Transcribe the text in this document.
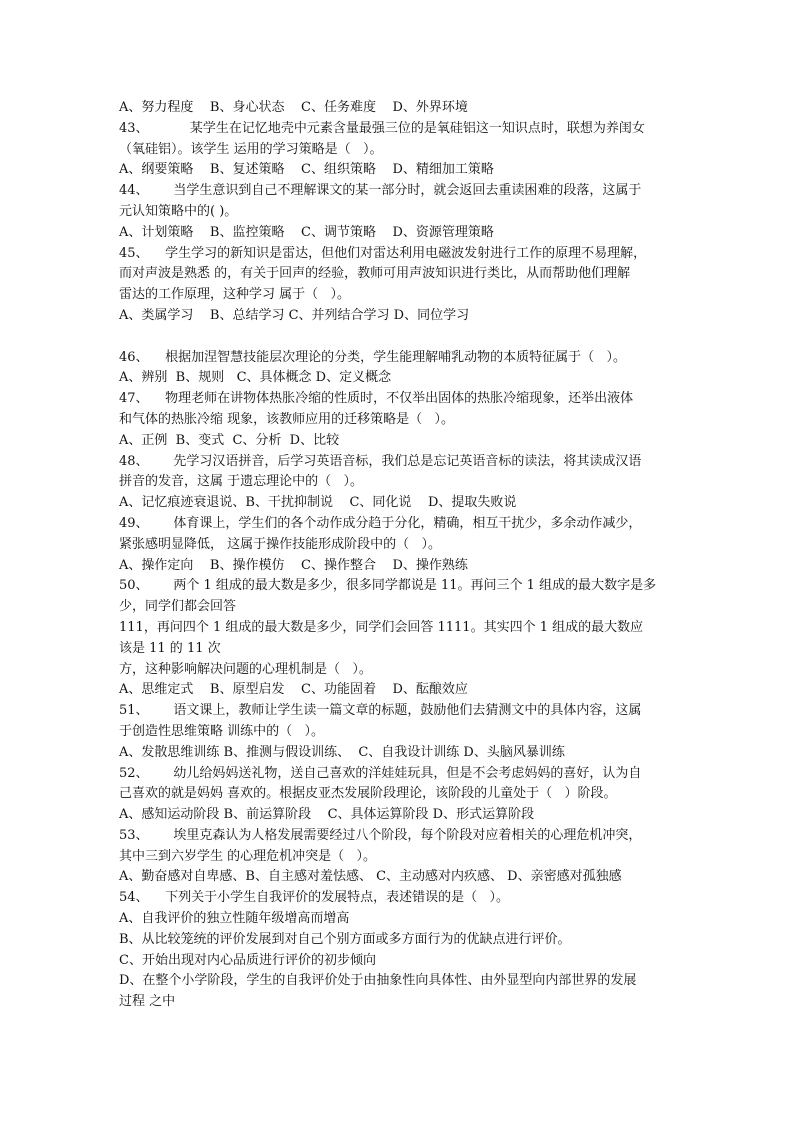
A、努力程度    B、身心状态    C、任务难度    D、外界环境
43、          某学生在记忆地壳中元素含量最强三位的是氧硅铝这一知识点时，联想为养闺女
（氧硅铝）。该学生 运用的学习策略是（   ）。
A、纲要策略    B、复述策略    C、组织策略    D、精细加工策略
44、      当学生意识到自己不理解课文的某一部分时，就会返回去重读困难的段落，这属于
元认知策略中的( )。
A、计划策略    B、监控策略    C、调节策略    D、资源管理策略
45、    学生学习的新知识是雷达，但他们对雷达利用电磁波发射进行工作的原理不易理解，
而对声波是熟悉 的，有关于回声的经验，教师可用声波知识进行类比，从而帮助他们理解
雷达的工作原理，这种学习 属于（   ）。
A、类属学习    B、总结学习 C、并列结合学习 D、同位学习
46、    根据加涅智慧技能层次理论的分类，学生能理解哺乳动物的本质特征属于（   ）。
A、辨别  B、规则   C、具体概念 D、定义概念
47、    物理老师在讲物体热胀冷缩的性质时，不仅举出固体的热胀冷缩现象，还举出液体
和气体的热胀冷缩 现象，该教师应用的迁移策略是（   ）。
A、正例  B、变式  C、分析  D、比较
48、      先学习汉语拼音，后学习英语音标，我们总是忘记英语音标的读法，将其读成汉语
拼音的发音，这属 于遗忘理论中的（   ）。
A、记忆痕迹衰退说、B、干扰抑制说    C、同化说    D、提取失败说
49、      体育课上，学生们的各个动作成分趋于分化，精确，相互干扰少，多余动作减少，
紧张感明显降低， 这属于操作技能形成阶段中的（   ）。
A、操作定向    B、操作模仿    C、操作整合    D、操作熟练
50、      两个 1 组成的最大数是多少，很多同学都说是 11。再问三个 1 组成的最大数字是多
少，同学们都会回答
111，再问四个 1 组成的最大数是多少，同学们会回答 1111。其实四个 1 组成的最大数应
该是 11 的 11 次
方，这种影响解决问题的心理机制是（   ）。
A、思维定式    B、原型启发    C、功能固着    D、酝酿效应
51、      语文课上，教师让学生读一篇文章的标题，鼓励他们去猜测文中的具体内容，这属
于创造性思维策略 训练中的（   ）。
A、发散思维训练 B、推测与假设训练、  C、自我设计训练 D、头脑风暴训练
52、      幼儿给妈妈送礼物，送自己喜欢的洋娃娃玩具，但是不会考虑妈妈的喜好，认为自
己喜欢的就是妈妈 喜欢的。根据皮亚杰发展阶段理论，该阶段的儿童处于（   ）阶段。
A、感知运动阶段 B、前运算阶段    C、具体运算阶段 D、形式运算阶段
53、      埃里克森认为人格发展需要经过八个阶段，每个阶段对应着相关的心理危机冲突，
其中三到六岁学生 的心理危机冲突是（   ）。
A、勤奋感对自卑感、B、自主感对羞怯感、 C、主动感对内疚感、 D、亲密感对孤独感
54、    下列关于小学生自我评价的发展特点，表述错误的是（   ）。
A、自我评价的独立性随年级增高而增高
B、从比较笼统的评价发展到对自己个别方面或多方面行为的优缺点进行评价。
C、开始出现对内心品质进行评价的初步倾向
D、在整个小学阶段，学生的自我评价处于由抽象性向具体性、由外显型向内部世界的发展
过程 之中
